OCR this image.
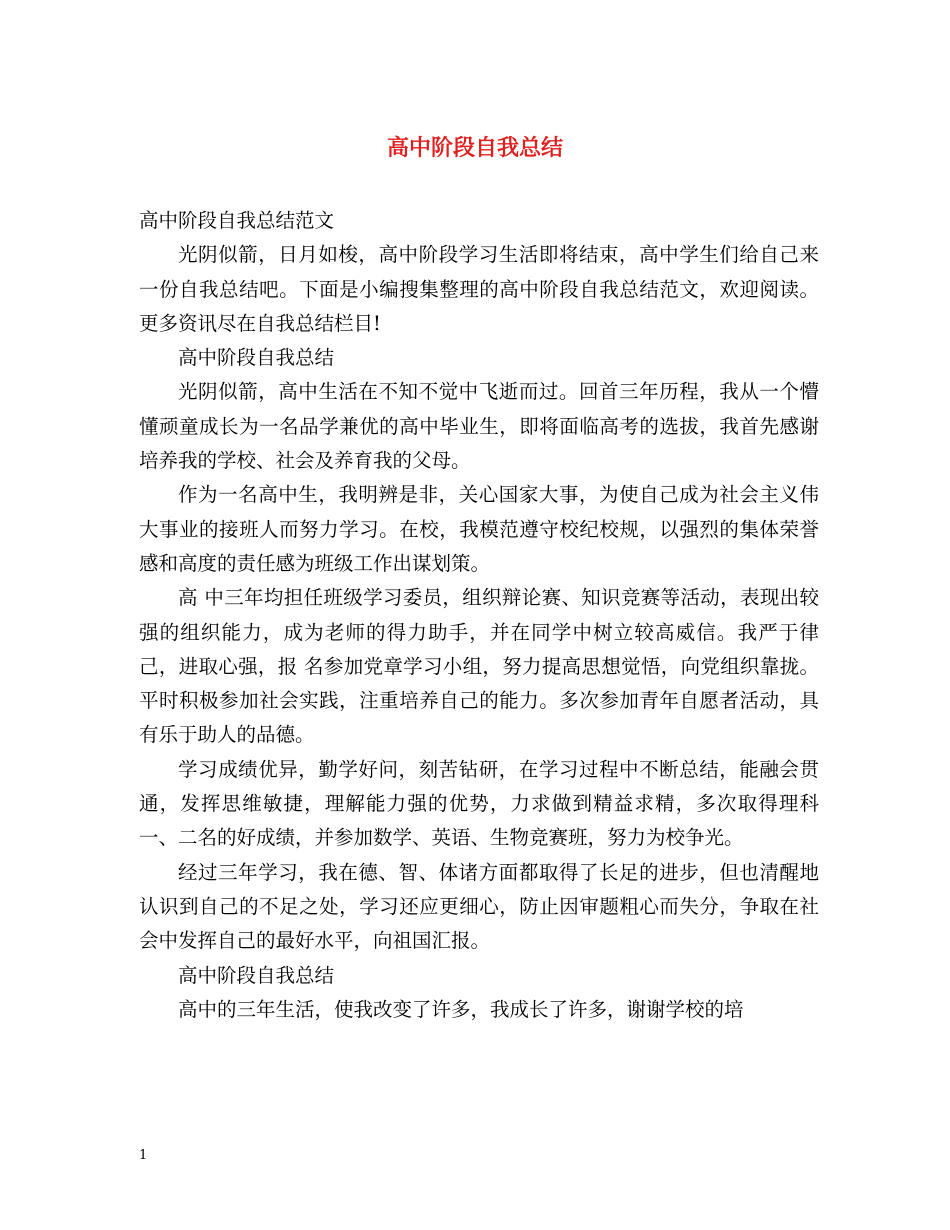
高中阶段自我总结

高中阶段自我总结范文

光阴似箭，日月如梭，高中阶段学习生活即将结束，高中学生们给自己来一份自我总结吧。下面是小编搜集整理的高中阶段自我总结范文，欢迎阅读。更多资讯尽在自我总结栏目!

高中阶段自我总结

光阴似箭，高中生活在不知不觉中飞逝而过。回首三年历程，我从一个懵懂顽童成长为一名品学兼优的高中毕业生，即将面临高考的选拔，我首先感谢培养我的学校、社会及养育我的父母。

作为一名高中生，我明辨是非，关心国家大事，为使自己成为社会主义伟大事业的接班人而努力学习。在校，我模范遵守校纪校规，以强烈的集体荣誉感和高度的责任感为班级工作出谋划策。

高 中三年均担任班级学习委员，组织辩论赛、知识竞赛等活动，表现出较强的组织能力，成为老师的得力助手，并在同学中树立较高威信。我严于律己，进取心强，报 名参加党章学习小组，努力提高思想觉悟，向党组织靠拢。平时积极参加社会实践，注重培养自己的能力。多次参加青年自愿者活动，具有乐于助人的品德。

学习成绩优异，勤学好问，刻苦钻研，在学习过程中不断总结，能融会贯通，发挥思维敏捷，理解能力强的优势，力求做到精益求精，多次取得理科一、二名的好成绩，并参加数学、英语、生物竞赛班，努力为校争光。

经过三年学习，我在德、智、体诸方面都取得了长足的进步，但也清醒地认识到自己的不足之处，学习还应更细心，防止因审题粗心而失分，争取在社会中发挥自己的最好水平，向祖国汇报。

高中阶段自我总结

高中的三年生活，使我改变了许多，我成长了许多，谢谢学校的培

1
